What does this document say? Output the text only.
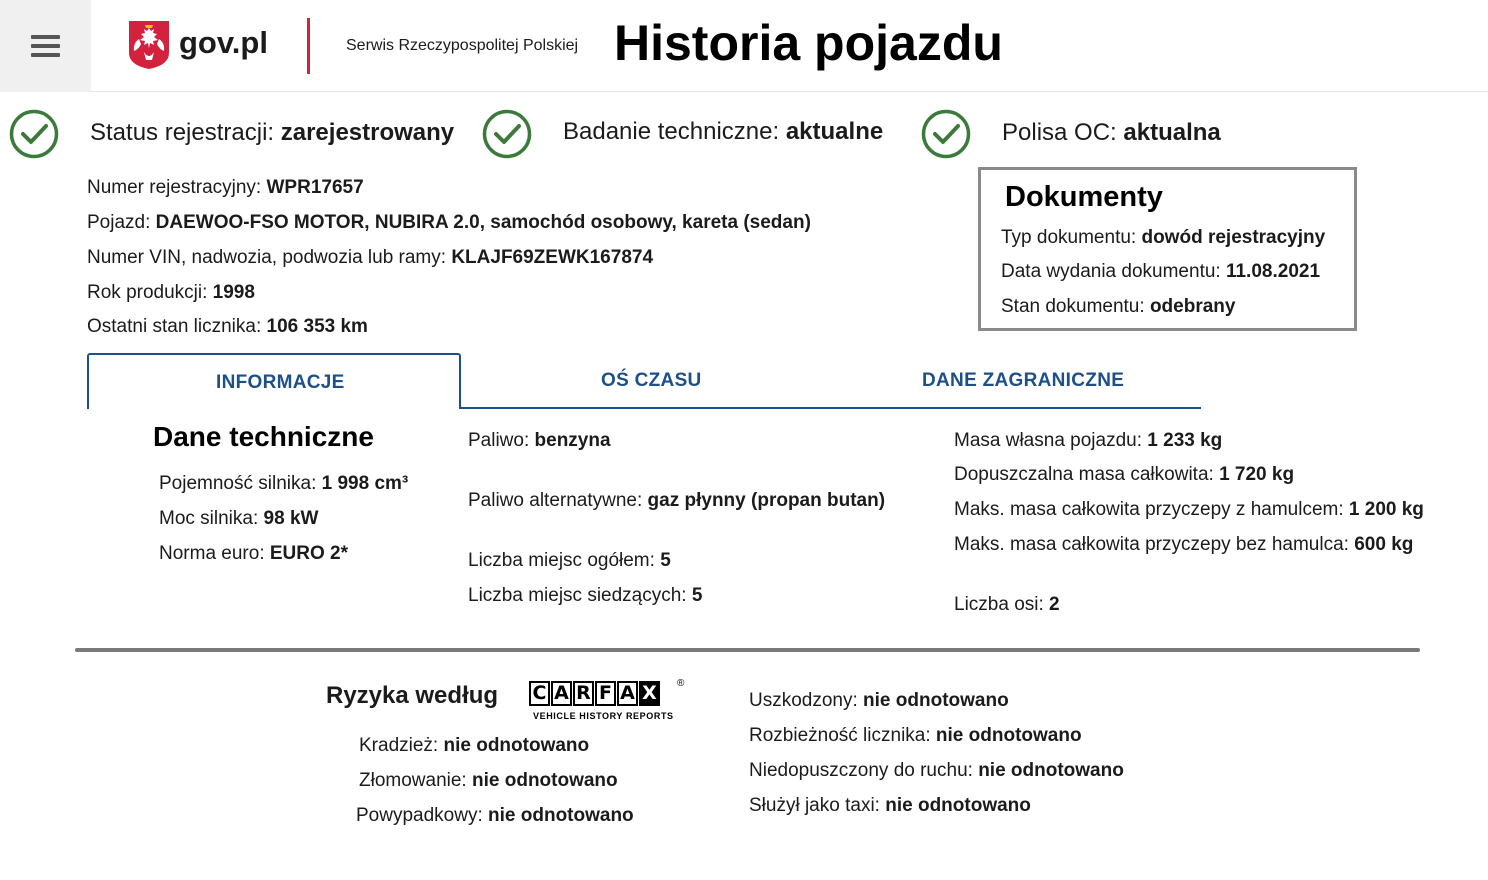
gov.pl	Serwis Rzeczypospolitej Polskiej Historia pojazdu
Status rejestracji: zarejestrowany	Badanie techniczne: aktualne	Polisa OC: aktualna
Numer rejestracyjny: WPR17657
Pojazd: DAEWOO-FSO MOTOR, NUBIRA 2.0, samochód osobowy, kareta (sedan)
Numer VIN, nadwozia, podwozia lub ramy: KLAJF69ZEWK167874
Rok produkcji: 1998
Ostatni stan licznika: 106 353 km
Dokumenty
Typ dokumentu: dowód rejestracyjny
Data wydania dokumentu: 11.08.2021
Stan dokumentu: odebrany
INFORMACJE	OŚ CZASU	DANE ZAGRANICZNE
Dane techniczne
Pojemność silnika: 1 998 cm³
Moc silnika: 98 kW
Norma euro: EURO 2*
Paliwo: benzyna
Paliwo alternatywne: gaz płynny (propan butan)
Liczba miejsc ogółem: 5
Liczba miejsc siedzących: 5
Masa własna pojazdu: 1 233 kg
Dopuszczalna masa całkowita: 1 720 kg
Maks. masa całkowita przyczepy z hamulcem: 1 200 kg
Maks. masa całkowita przyczepy bez hamulca: 600 kg
Liczba osi: 2
Ryzyka według C A R F A X
VEHICLE HISTORY REPORTS
®
Kradzież: nie odnotowano
Złomowanie: nie odnotowano
Powypadkowy: nie odnotowano
Uszkodzony: nie odnotowano
Rozbieżność licznika: nie odnotowano
Niedopuszczony do ruchu: nie odnotowano
Służył jako taxi: nie odnotowano
